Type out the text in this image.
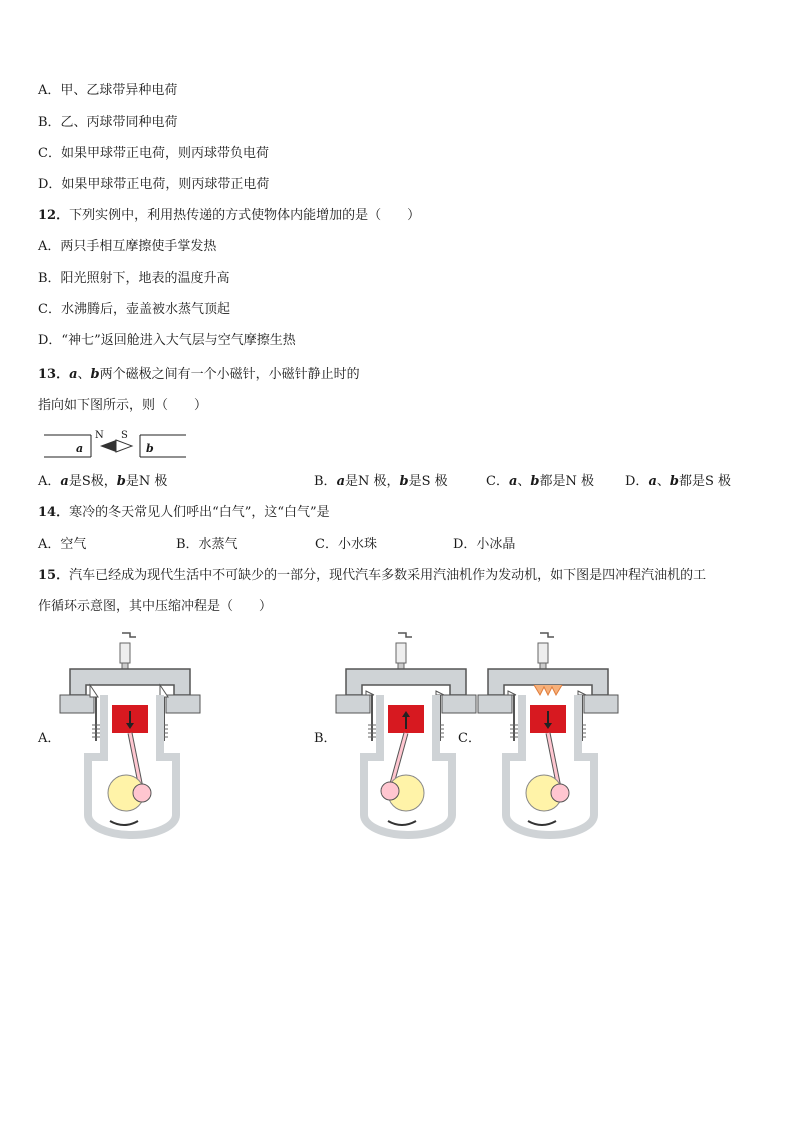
A．甲、乙球带异种电荷
B．乙、丙球带同种电荷
C．如果甲球带正电荷，则丙球带负电荷
D．如果甲球带正电荷，则丙球带正电荷
12．下列实例中，利用热传递的方式使物体内能增加的是（　　）
A．两只手相互摩擦使手掌发热
B．阳光照射下，地表的温度升高
C．水沸腾后，壶盖被水蒸气顶起
D．“神七”返回舱进入大气层与空气摩擦生热
13．a、b两个磁极之间有一个小磁针，小磁针静止时的
指向如下图所示，则（　　）
a	b
N S
A．a是S极，b是N 极	B．a是N 极，b是S 极	C．a、b都是N 极 D．a、b都是S 极
14．寒冷的冬天常见人们呼出“白气”，这“白气”是
A．空气	B．水蒸气	C．小水珠	D．小冰晶
15．汽车已经成为现代生活中不可缺少的一部分，现代汽车多数采用汽油机作为发动机，如下图是四冲程汽油机的工
作循环示意图，其中压缩冲程是（　　）
A．	B．	C．
